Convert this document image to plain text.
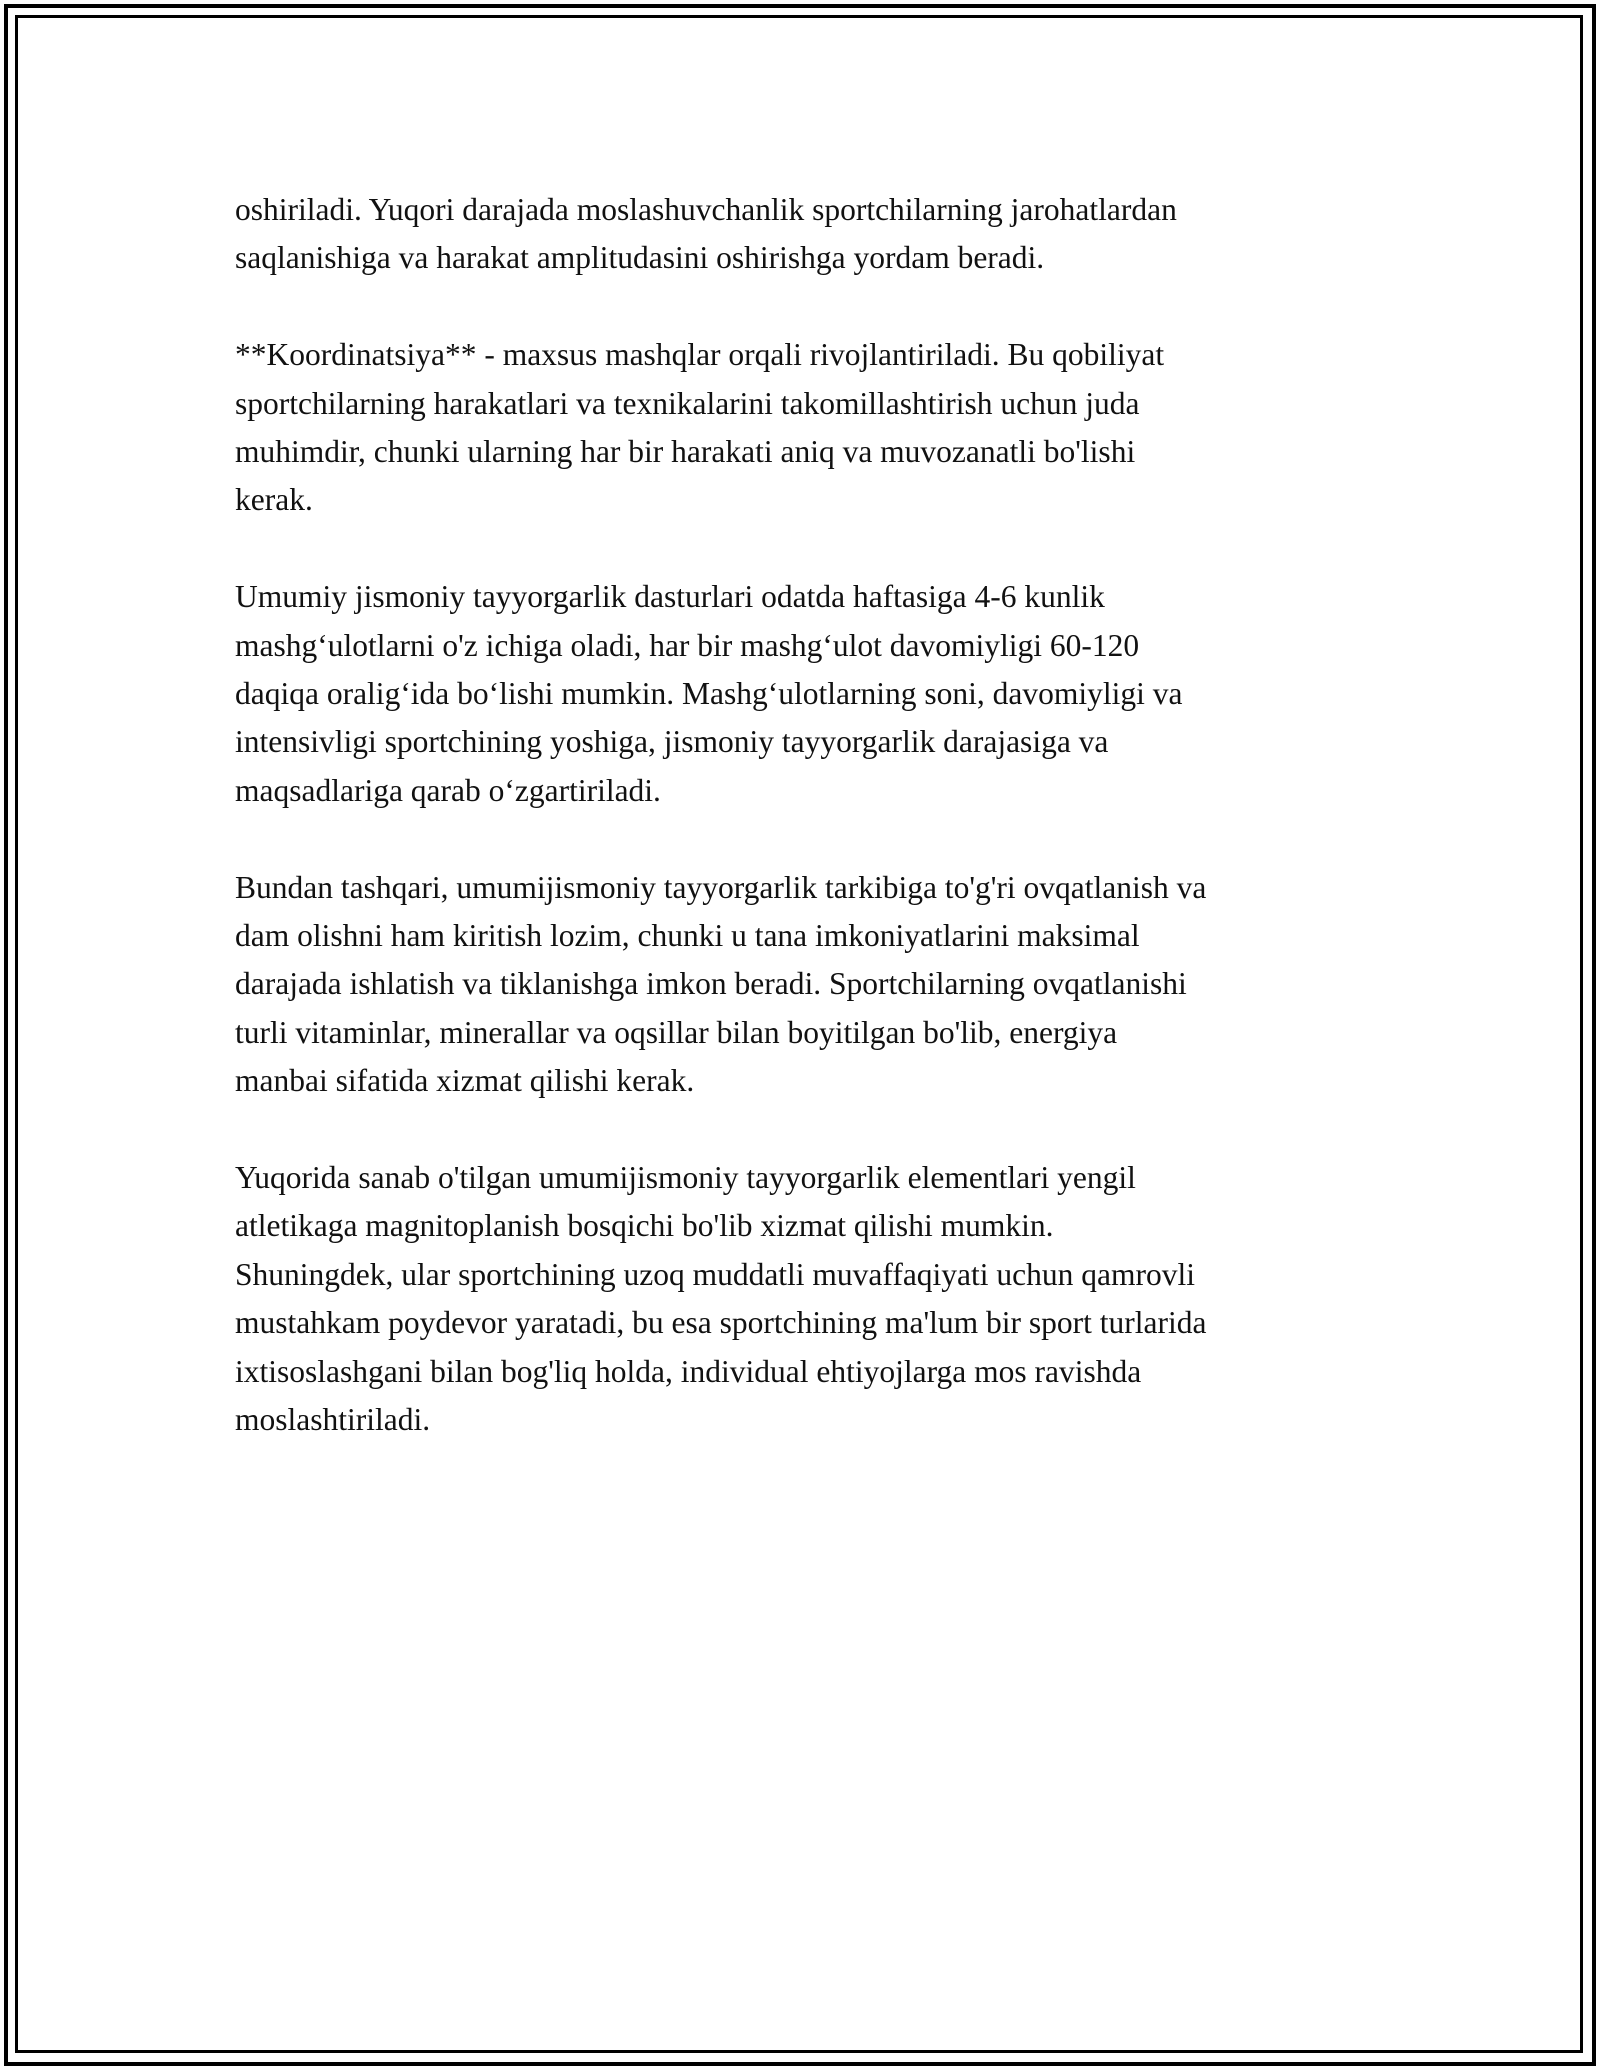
oshiriladi. Yuqori darajada moslashuvchanlik sportchilarning jarohatlardan
saqlanishiga va harakat amplitudasini oshirishga yordam beradi.

**Koordinatsiya** - maxsus mashqlar orqali rivojlantiriladi. Bu qobiliyat
sportchilarning harakatlari va texnikalarini takomillashtirish uchun juda
muhimdir, chunki ularning har bir harakati aniq va muvozanatli bo'lishi
kerak.

Umumiy jismoniy tayyorgarlik dasturlari odatda haftasiga 4-6 kunlik
mashg‘ulotlarni o'z ichiga oladi, har bir mashg‘ulot davomiyligi 60-120
daqiqa oralig‘ida bo‘lishi mumkin. Mashg‘ulotlarning soni, davomiyligi va
intensivligi sportchining yoshiga, jismoniy tayyorgarlik darajasiga va
maqsadlariga qarab o‘zgartiriladi.

Bundan tashqari, umumijismoniy tayyorgarlik tarkibiga to'g'ri ovqatlanish va
dam olishni ham kiritish lozim, chunki u tana imkoniyatlarini maksimal
darajada ishlatish va tiklanishga imkon beradi. Sportchilarning ovqatlanishi
turli vitaminlar, minerallar va oqsillar bilan boyitilgan bo'lib, energiya
manbai sifatida xizmat qilishi kerak.

Yuqorida sanab o'tilgan umumijismoniy tayyorgarlik elementlari yengil
atletikaga magnitoplanish bosqichi bo'lib xizmat qilishi mumkin.
Shuningdek, ular sportchining uzoq muddatli muvaffaqiyati uchun qamrovli
mustahkam poydevor yaratadi, bu esa sportchining ma'lum bir sport turlarida
ixtisoslashgani bilan bog'liq holda, individual ehtiyojlarga mos ravishda
moslashtiriladi.
